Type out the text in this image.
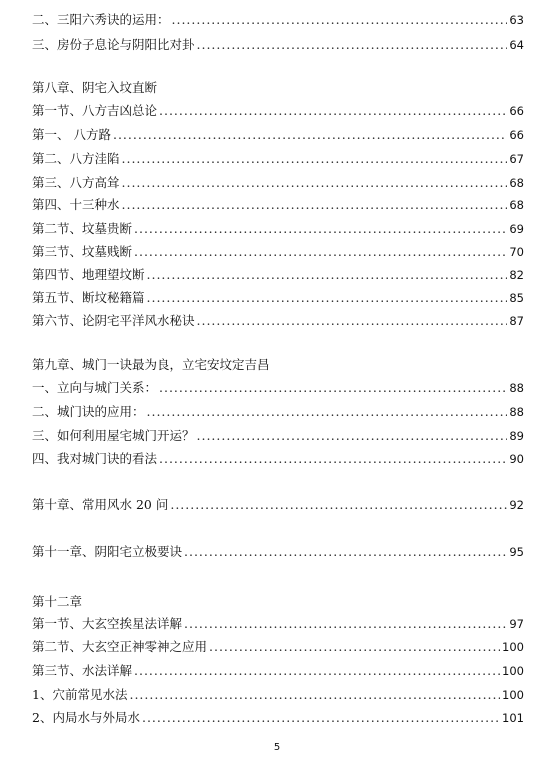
二、三阳六秀诀的运用： .....	63
三、房份子息论与阴阳比对卦 .....	64
第八章、阴宅入坟直断
第一节、八方吉凶总论 .....	66
第一、 八方路 .....	66
第二、八方洼陷 .....	67
第三、八方高耸 .....	68
第四、十三种水 .....	68
第二节、坟墓贵断 .....	69
第三节、坟墓贱断 .....	70
第四节、地理望坟断 .....	82
第五节、断坟秘籍篇 .....	85
第六节、论阴宅平洋风水秘诀 .....	87
第九章、城门一诀最为良，立宅安坟定吉昌
一、立向与城门关系： .....	88
二、城门诀的应用： .....	88
三、如何利用屋宅城门开运？ .....	89
四、我对城门诀的看法 .....	90
第十章、常用风水 20 问 .....	92
第十一章、阴阳宅立极要诀 .....	95
第十二章
第一节、大玄空挨星法详解 .....	97
第二节、大玄空正神零神之应用 .....	100
第三节、水法详解 .....	100
1、穴前常见水法 .....	100
2、内局水与外局水 .....	101
5
